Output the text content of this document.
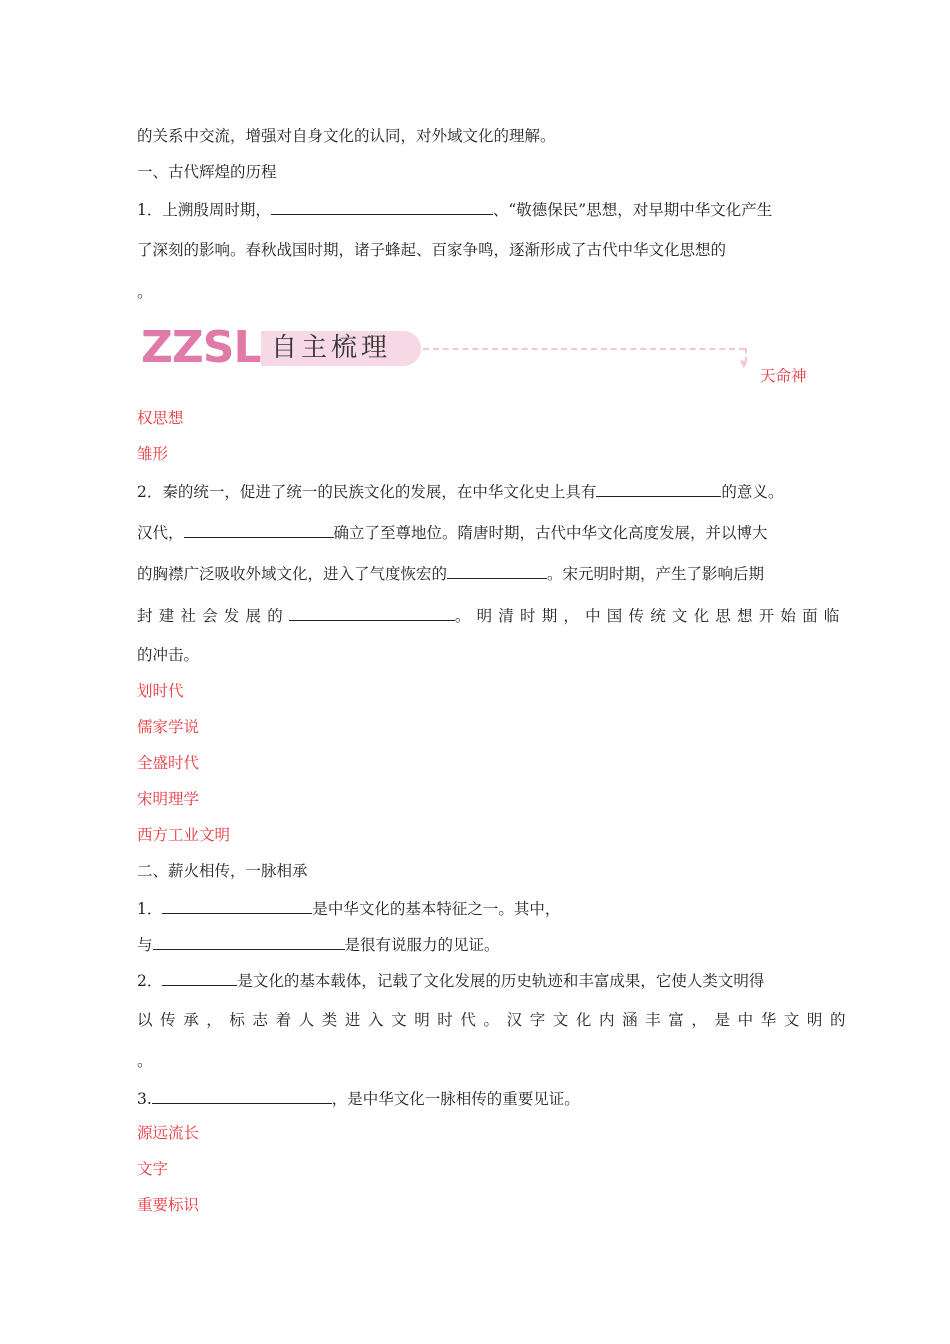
的关系中交流，增强对自身文化的认同，对外域文化的理解。
一、古代辉煌的历程
1．上溯殷周时期，	、“敬德保民”思想，对早期中华文化产生
了深刻的影响。春秋战国时期，诸子蜂起、百家争鸣，逐渐形成了古代中华文化思想的
。
ZZSL 自主梳理
▼
天命神
权思想
雏形
2．秦的统一，促进了统一的民族文化的发展，在中华文化史上具有	的意义。
汉代，	确立了至尊地位。隋唐时期，古代中华文化高度发展，并以博大
的胸襟广泛吸收外域文化，进入了气度恢宏的	。宋元明时期，产生了影响后期
封建社会发展的	。明清时期，中国传统文化思想开始面临
的冲击。
划时代
儒家学说
全盛时代
宋明理学
西方工业文明
二、薪火相传，一脉相承
1．	是中华文化的基本特征之一。其中，
与	是很有说服力的见证。
2．	是文化的基本载体，记载了文化发展的历史轨迹和丰富成果，它使人类文明得
以传承，标志着人类进入文明时代。汉字文化内涵丰富，是中华文明的
。
3.	，是中华文化一脉相传的重要见证。
源远流长
文字
重要标识
